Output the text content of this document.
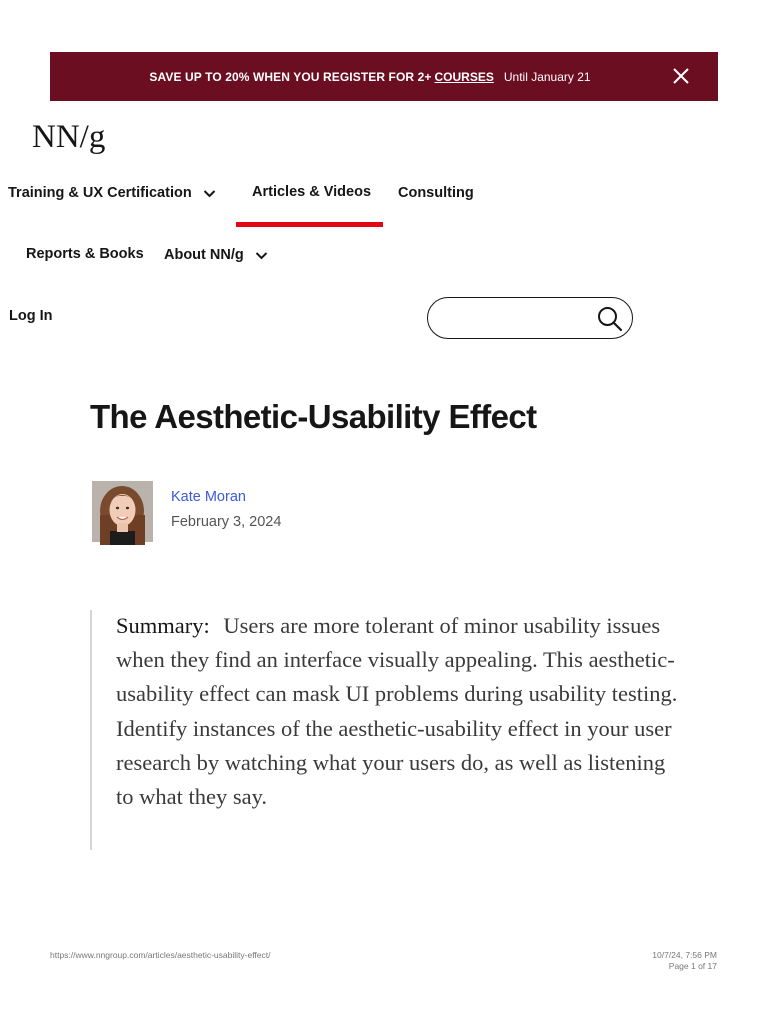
SAVE UP TO 20% WHEN YOU REGISTER FOR 2+ COURSES Until January 21
NN/g
Training & UX Certification	Articles & Videos Consulting
Reports & Books About NN/g
Log In
The Aesthetic-Usability Effect
Kate Moran
February 3, 2024
Summary: Users are more tolerant of minor usability issues when they find an interface visually appealing. This aesthetic-usability effect can mask UI problems during usability testing. Identify instances of the aesthetic-usability effect in your user research by watching what your users do, as well as listening to what they say.
https://www.nngroup.com/articles/aesthetic-usability-effect/	10/7/24, 7:56 PM
Page 1 of 17
